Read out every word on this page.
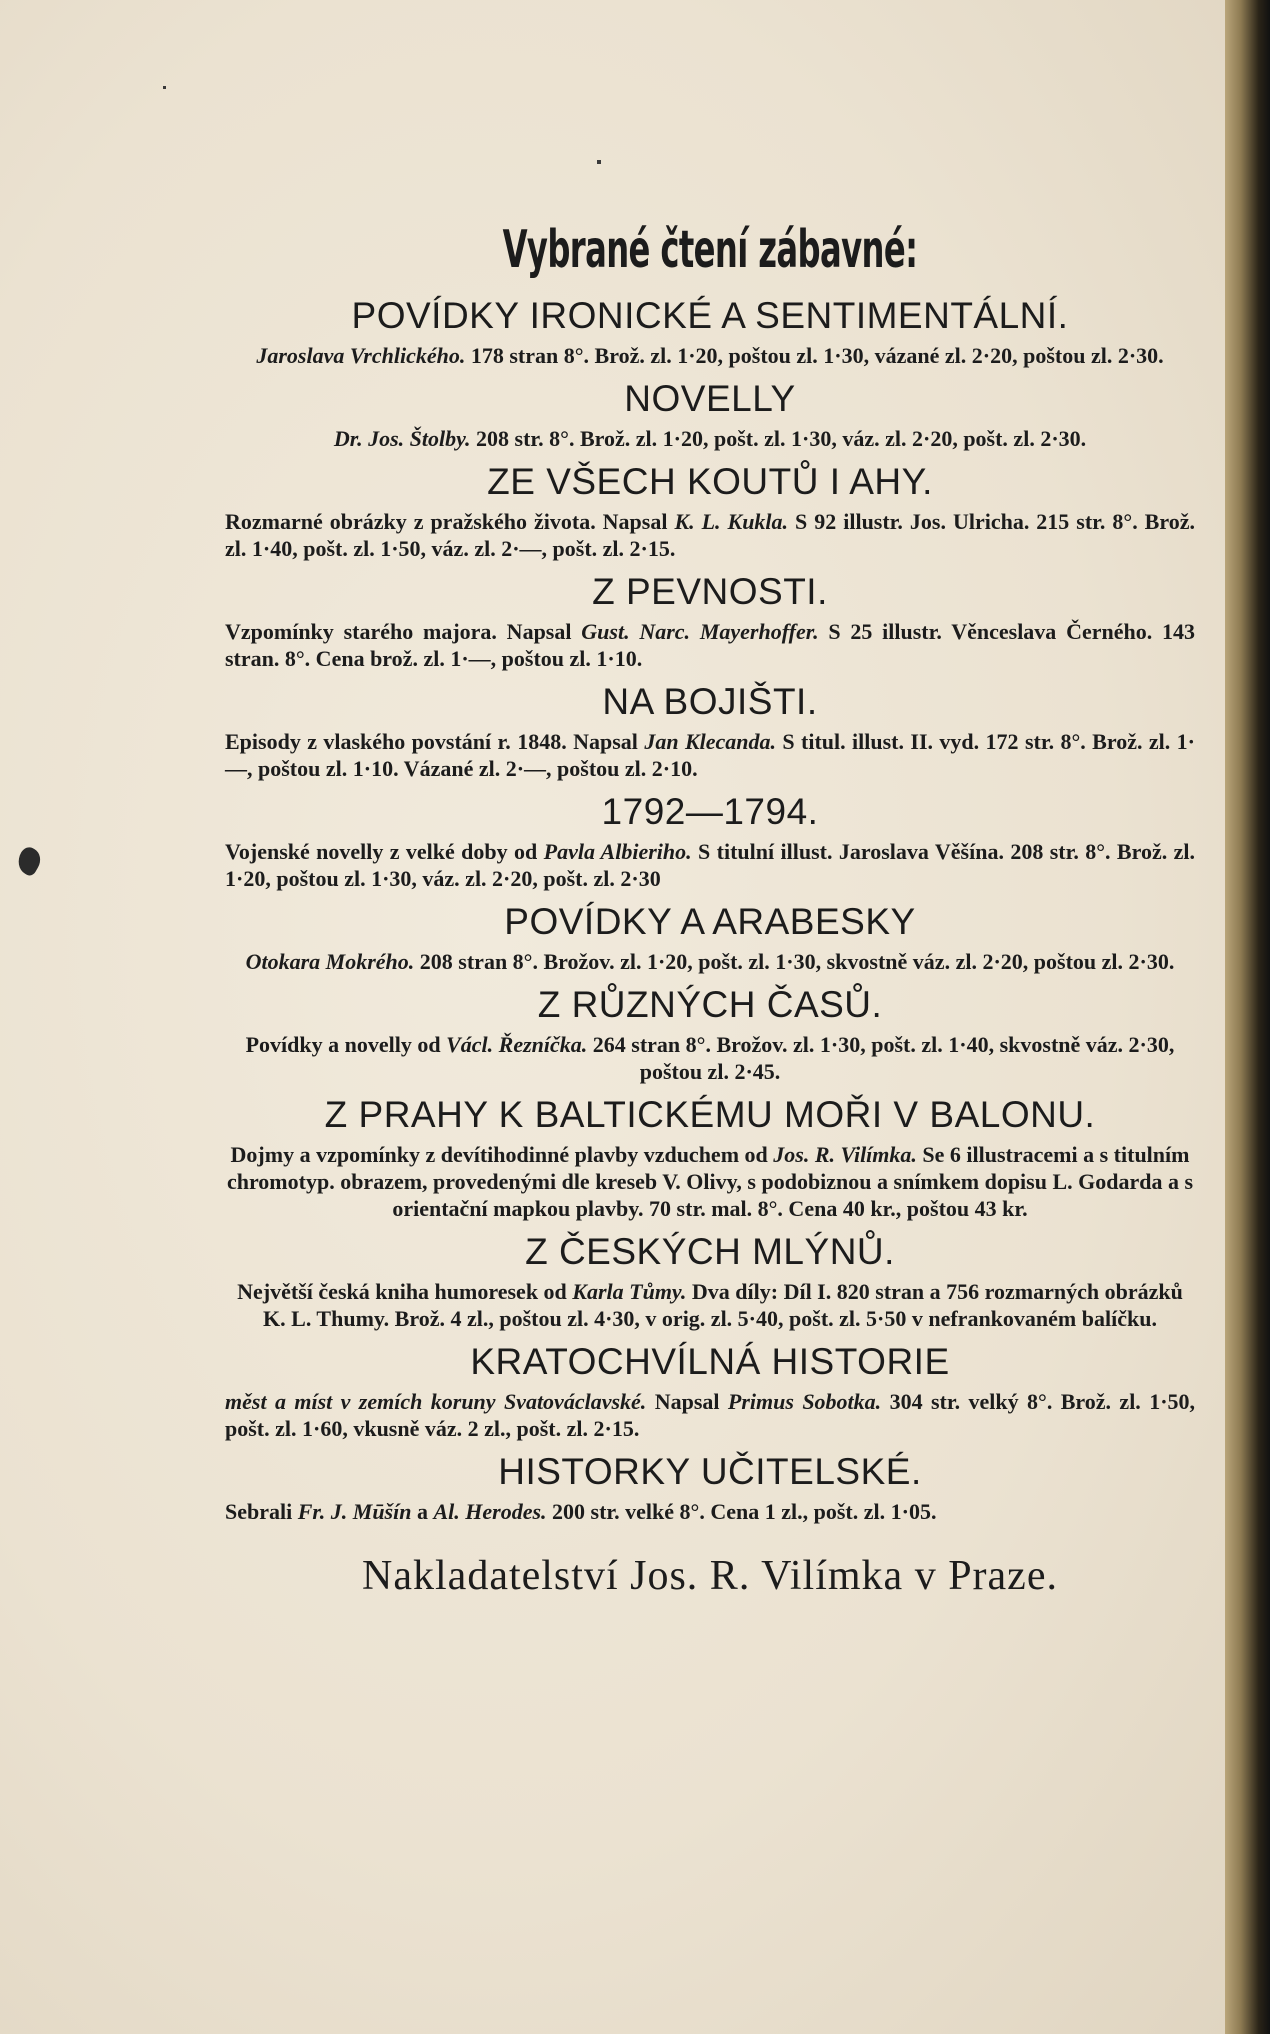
Vybrané čtení zábavné:
POVÍDKY IRONICKÉ A SENTIMENTÁLNÍ.

Jaroslava Vrchlického. 178 stran 8°. Brož. zl. 1·20, poštou zl. 1·30, vázané zl. 2·20, poštou zl. 2·30.

NOVELLY

Dr. Jos. Štolby. 208 str. 8°. Brož. zl. 1·20, pošt. zl. 1·30, váz. zl. 2·20, pošt. zl. 2·30.

ZE VŠECH KOUTŮ I AHY.

Rozmarné obrázky z pražského života. Napsal K. L. Kukla. S 92 illustr. Jos. Ulricha. 215 str. 8°. Brož. zl. 1·40, pošt. zl. 1·50, váz. zl. 2·—, pošt. zl. 2·15.

Z PEVNOSTI.

Vzpomínky starého majora. Napsal Gust. Narc. Mayerhoffer. S 25 illustr. Věnceslava Černého. 143 stran. 8°. Cena brož. zl. 1·—, poštou zl. 1·10.

NA BOJIŠTI.

Episody z vlaského povstání r. 1848. Napsal Jan Klecanda. S titul. illust. II. vyd. 172 str. 8°. Brož. zl. 1·—, poštou zl. 1·10. Vázané zl. 2·—, poštou zl. 2·10.

1792—1794.

Vojenské novelly z velké doby od Pavla Albieriho. S titulní illust. Jaroslava Věšína. 208 str. 8°. Brož. zl. 1·20, poštou zl. 1·30, váz. zl. 2·20, pošt. zl. 2·30

POVÍDKY A ARABESKY

Otokara Mokrého. 208 stran 8°. Brožov. zl. 1·20, pošt. zl. 1·30, skvostně váz. zl. 2·20, poštou zl. 2·30.

Z RŮZNÝCH ČASŮ.

Povídky a novelly od Václ. Řezníčka. 264 stran 8°. Brožov. zl. 1·30, pošt. zl. 1·40, skvostně váz. 2·30, poštou zl. 2·45.

Z PRAHY K BALTICKÉMU MOŘI V BALONU.

Dojmy a vzpomínky z devítihodinné plavby vzduchem od Jos. R. Vilímka. Se 6 illustracemi a s titulním chromotyp. obrazem, provedenými dle kreseb V. Olivy, s podobiznou a snímkem dopisu L. Godarda a s orientační mapkou plavby. 70 str. mal. 8°. Cena 40 kr., poštou 43 kr.

Z ČESKÝCH MLÝNŮ.

Největší česká kniha humoresek od Karla Tůmy. Dva díly: Díl I. 820 stran a 756 rozmarných obrázků K. L. Thumy. Brož. 4 zl., poštou zl. 4·30, v orig. zl. 5·40, pošt. zl. 5·50 v nefrankovaném balíčku.

KRATOCHVÍLNÁ HISTORIE

měst a míst v zemích koruny Svatováclavské. Napsal Primus Sobotka. 304 str. velký 8°. Brož. zl. 1·50, pošt. zl. 1·60, vkusně váz. 2 zl., pošt. zl. 2·15.

HISTORKY UČITELSKÉ.

Sebrali Fr. J. Mūšín a Al. Herodes. 200 str. velké 8°. Cena 1 zl., pošt. zl. 1·05.

Nakladatelství Jos. R. Vilímka v Praze.
